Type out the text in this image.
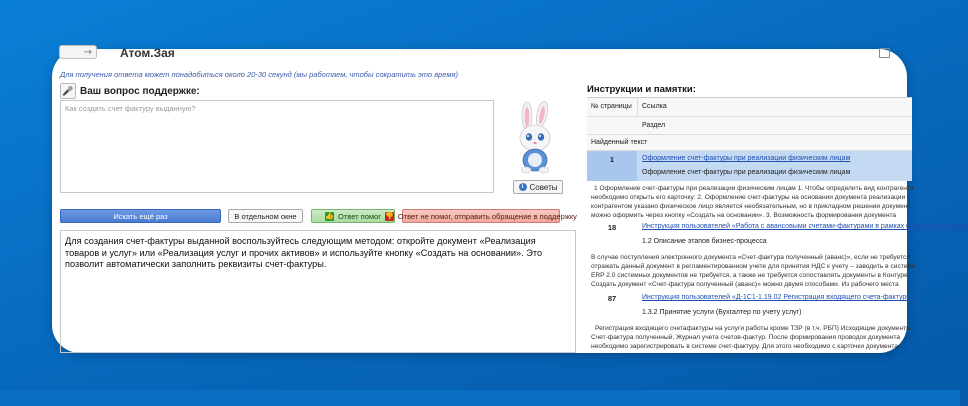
→ Атом.Зая
Для получения ответа может понадобиться около 20-30 секунд (мы работаем, чтобы сократить это время)
🎤 Ваш вопрос поддержке:
Как создать счет фактуру выданную?
i Советы
Искать ещё раз	В отдельном окне	👍 Ответ помог 👎 Ответ не помог, отправить обращение в поддержку
Для создания счет-фактуры выданной воспользуйтесь следующим методом: откройте документ «Реализация товаров и услуг» или «Реализация услуг и прочих активов» и используйте кнопку «Создать на основании». Это позволит автоматически заполнить реквизиты счет-фактуры.
Инструкции и памятки:
№ страницы Ссылка
Раздел
Найденный текст
1	Оформление счет-фактуры при реализации физическим лицам
Оформление счет-фактуры при реализации физическим лицам
1 Оформление счет-фактуры при реализации физическим лицам 1. Чтобы определить вид контрагента
необходимо открыть его карточку: 2. Оформление счет-фактуры на основании документа реализации
контрагентом указано физическое лицо является необязательным, но в прикладном решении документ
можно оформить через кнопку «Создать на основании». 3. Возможность формирования документа
18	Инструкция пользователей «Работа с авансовыми счетами-фактурами в рамках функциональности
1.2 Описание этапов бизнес-процесса
В случае поступления электронного документа «Счет-фактура полученный (аванс)», если не требуется
отражать данный документ в регламентированном учете для принятия НДС к учету – заводить в системе
ERP 2.0 системных документов не требуется, а также не требуется сопоставлять документы в Контуре
Создать документ «Счет-фактура полученный (аванс)» можно двумя способами. Из рабочего места
87	Инструкция пользователей «Д-1С1-1.19.02 Регистрация входящего счета-фактуры»
1.3.2 Принятие услуги (Бухгалтер по учету услуг)
Регистрация входящего счетафактуры на услуги работы кроме ТЗР (в т.ч. РБП) Исходящие документы
Счет-фактура полученный, Журнал учета счетов-фактур. После формирования проводок документа
необходимо зарегистрировать в системе счет-фактуру. Для этого необходимо с карточки документа
